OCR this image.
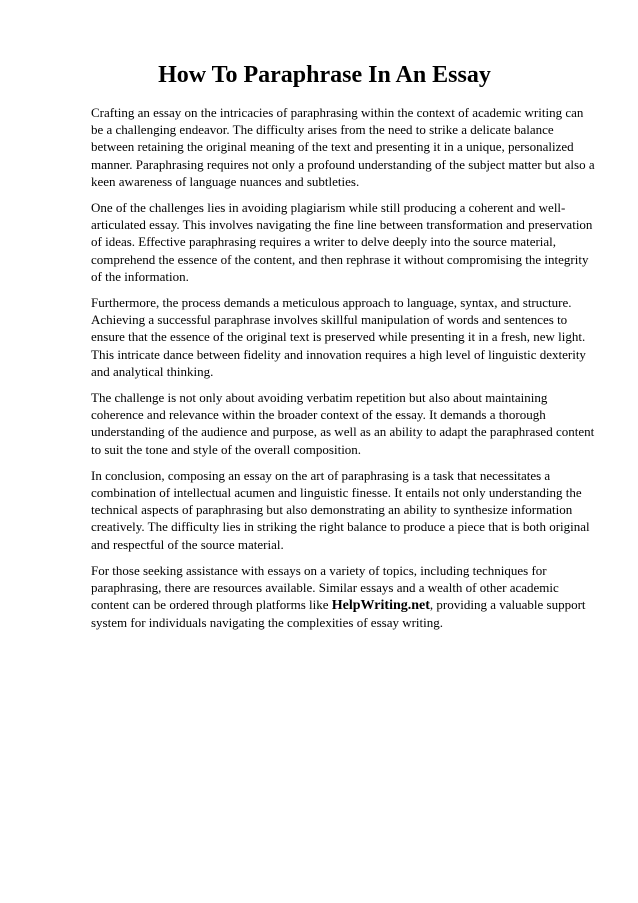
How To Paraphrase In An Essay

Crafting an essay on the intricacies of paraphrasing within the context of academic writing can be a challenging endeavor. The difficulty arises from the need to strike a delicate balance between retaining the original meaning of the text and presenting it in a unique, personalized manner. Paraphrasing requires not only a profound understanding of the subject matter but also a keen awareness of language nuances and subtleties.

One of the challenges lies in avoiding plagiarism while still producing a coherent and well-articulated essay. This involves navigating the fine line between transformation and preservation of ideas. Effective paraphrasing requires a writer to delve deeply into the source material, comprehend the essence of the content, and then rephrase it without compromising the integrity of the information.

Furthermore, the process demands a meticulous approach to language, syntax, and structure. Achieving a successful paraphrase involves skillful manipulation of words and sentences to ensure that the essence of the original text is preserved while presenting it in a fresh, new light. This intricate dance between fidelity and innovation requires a high level of linguistic dexterity and analytical thinking.

The challenge is not only about avoiding verbatim repetition but also about maintaining coherence and relevance within the broader context of the essay. It demands a thorough understanding of the audience and purpose, as well as an ability to adapt the paraphrased content to suit the tone and style of the overall composition.

In conclusion, composing an essay on the art of paraphrasing is a task that necessitates a combination of intellectual acumen and linguistic finesse. It entails not only understanding the technical aspects of paraphrasing but also demonstrating an ability to synthesize information creatively. The difficulty lies in striking the right balance to produce a piece that is both original and respectful of the source material.

For those seeking assistance with essays on a variety of topics, including techniques for paraphrasing, there are resources available. Similar essays and a wealth of other academic content can be ordered through platforms like HelpWriting.net, providing a valuable support system for individuals navigating the complexities of essay writing.
